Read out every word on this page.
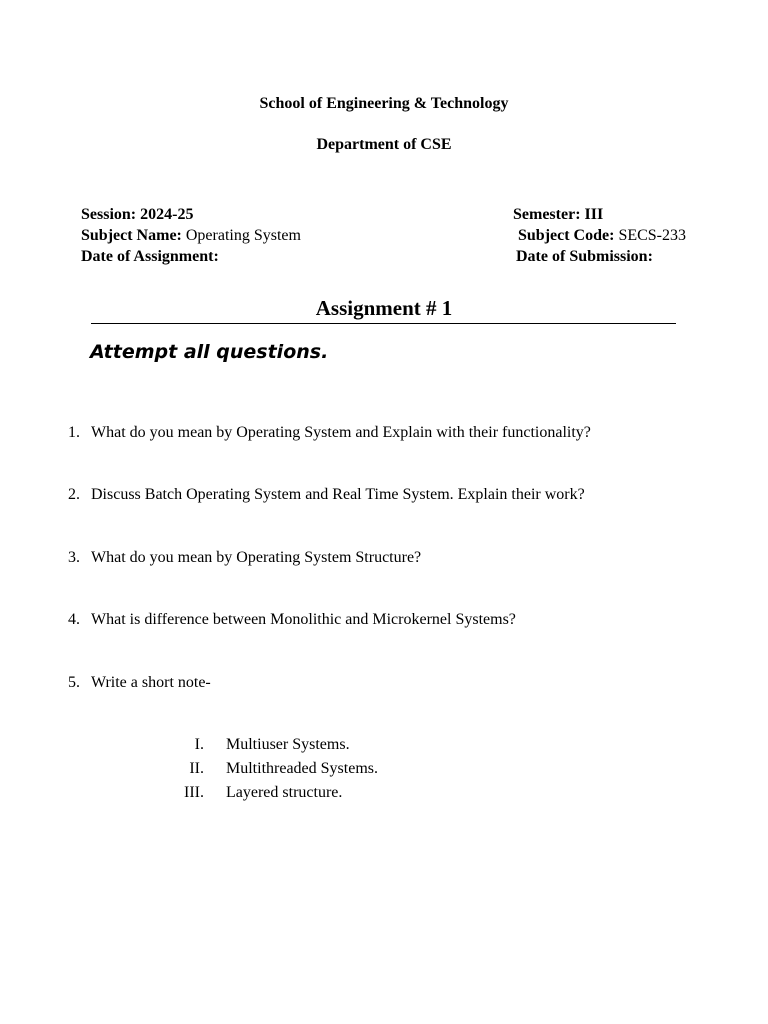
School of Engineering & Technology
Department of CSE
Session: 2024-25
Subject Name: Operating System
Date of Assignment:
Semester: III
Subject Code: SECS-233
Date of Submission:
Assignment # 1
Attempt all questions.
1. What do you mean by Operating System and Explain with their functionality?
2. Discuss Batch Operating System and Real Time System. Explain their work?
3. What do you mean by Operating System Structure?
4. What is difference between Monolithic and Microkernel Systems?
5. Write a short note-
I. Multiuser Systems.
II. Multithreaded Systems.
III. Layered structure.
